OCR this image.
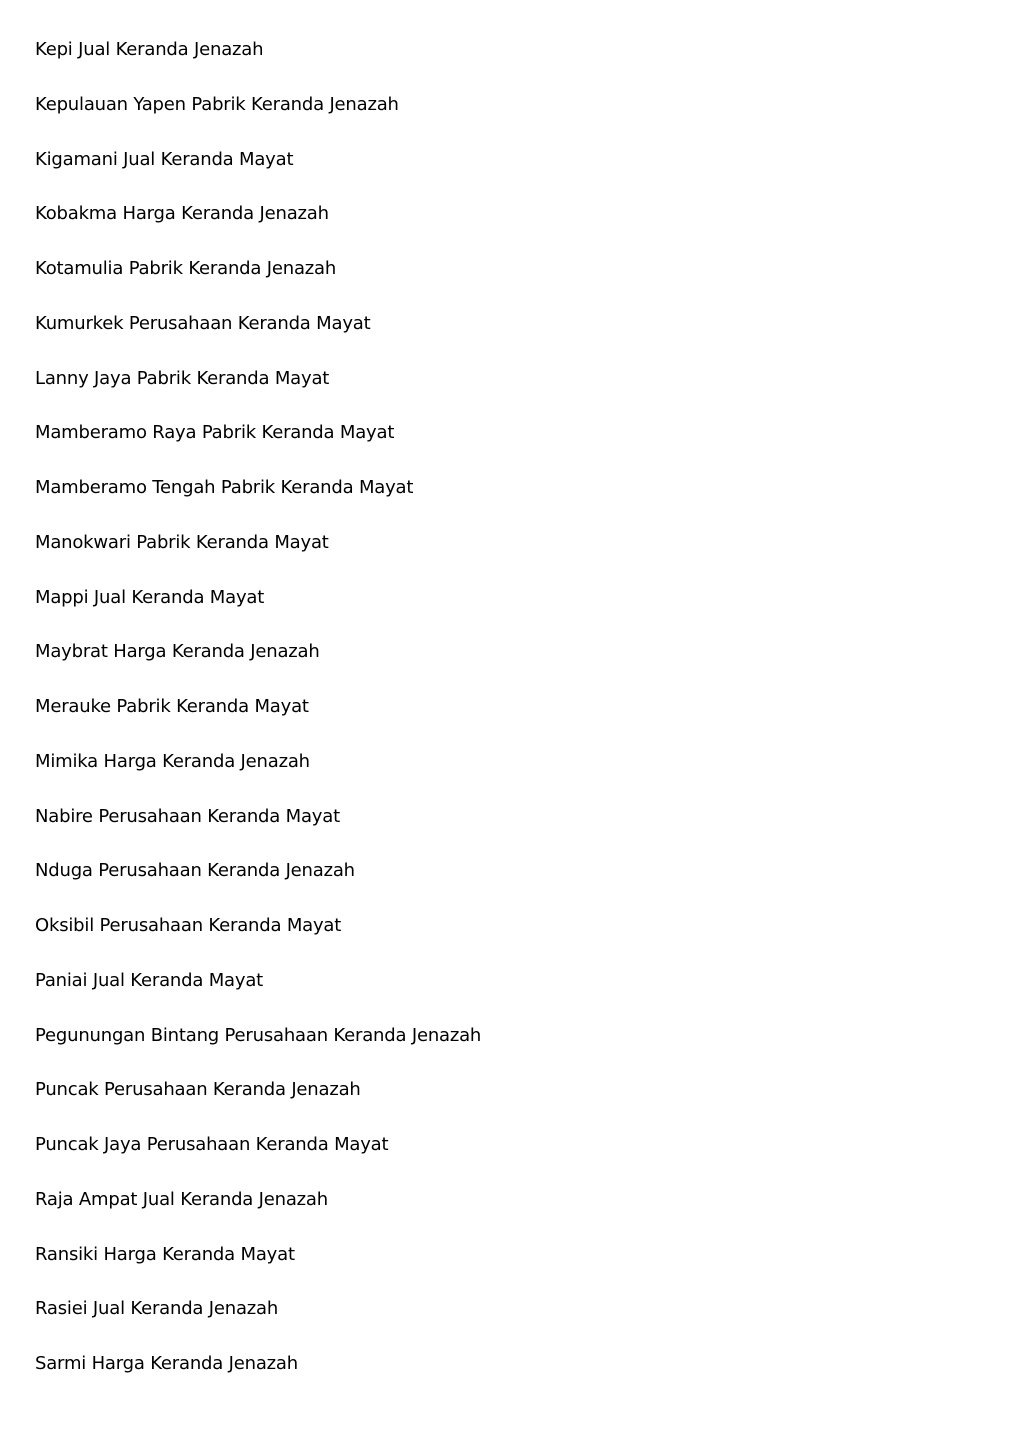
Kepi Jual Keranda Jenazah
Kepulauan Yapen Pabrik Keranda Jenazah
Kigamani Jual Keranda Mayat
Kobakma Harga Keranda Jenazah
Kotamulia Pabrik Keranda Jenazah
Kumurkek Perusahaan Keranda Mayat
Lanny Jaya Pabrik Keranda Mayat
Mamberamo Raya Pabrik Keranda Mayat
Mamberamo Tengah Pabrik Keranda Mayat
Manokwari Pabrik Keranda Mayat
Mappi Jual Keranda Mayat
Maybrat Harga Keranda Jenazah
Merauke Pabrik Keranda Mayat
Mimika Harga Keranda Jenazah
Nabire Perusahaan Keranda Mayat
Nduga Perusahaan Keranda Jenazah
Oksibil Perusahaan Keranda Mayat
Paniai Jual Keranda Mayat
Pegunungan Bintang Perusahaan Keranda Jenazah
Puncak Perusahaan Keranda Jenazah
Puncak Jaya Perusahaan Keranda Mayat
Raja Ampat Jual Keranda Jenazah
Ransiki Harga Keranda Mayat
Rasiei Jual Keranda Jenazah
Sarmi Harga Keranda Jenazah
